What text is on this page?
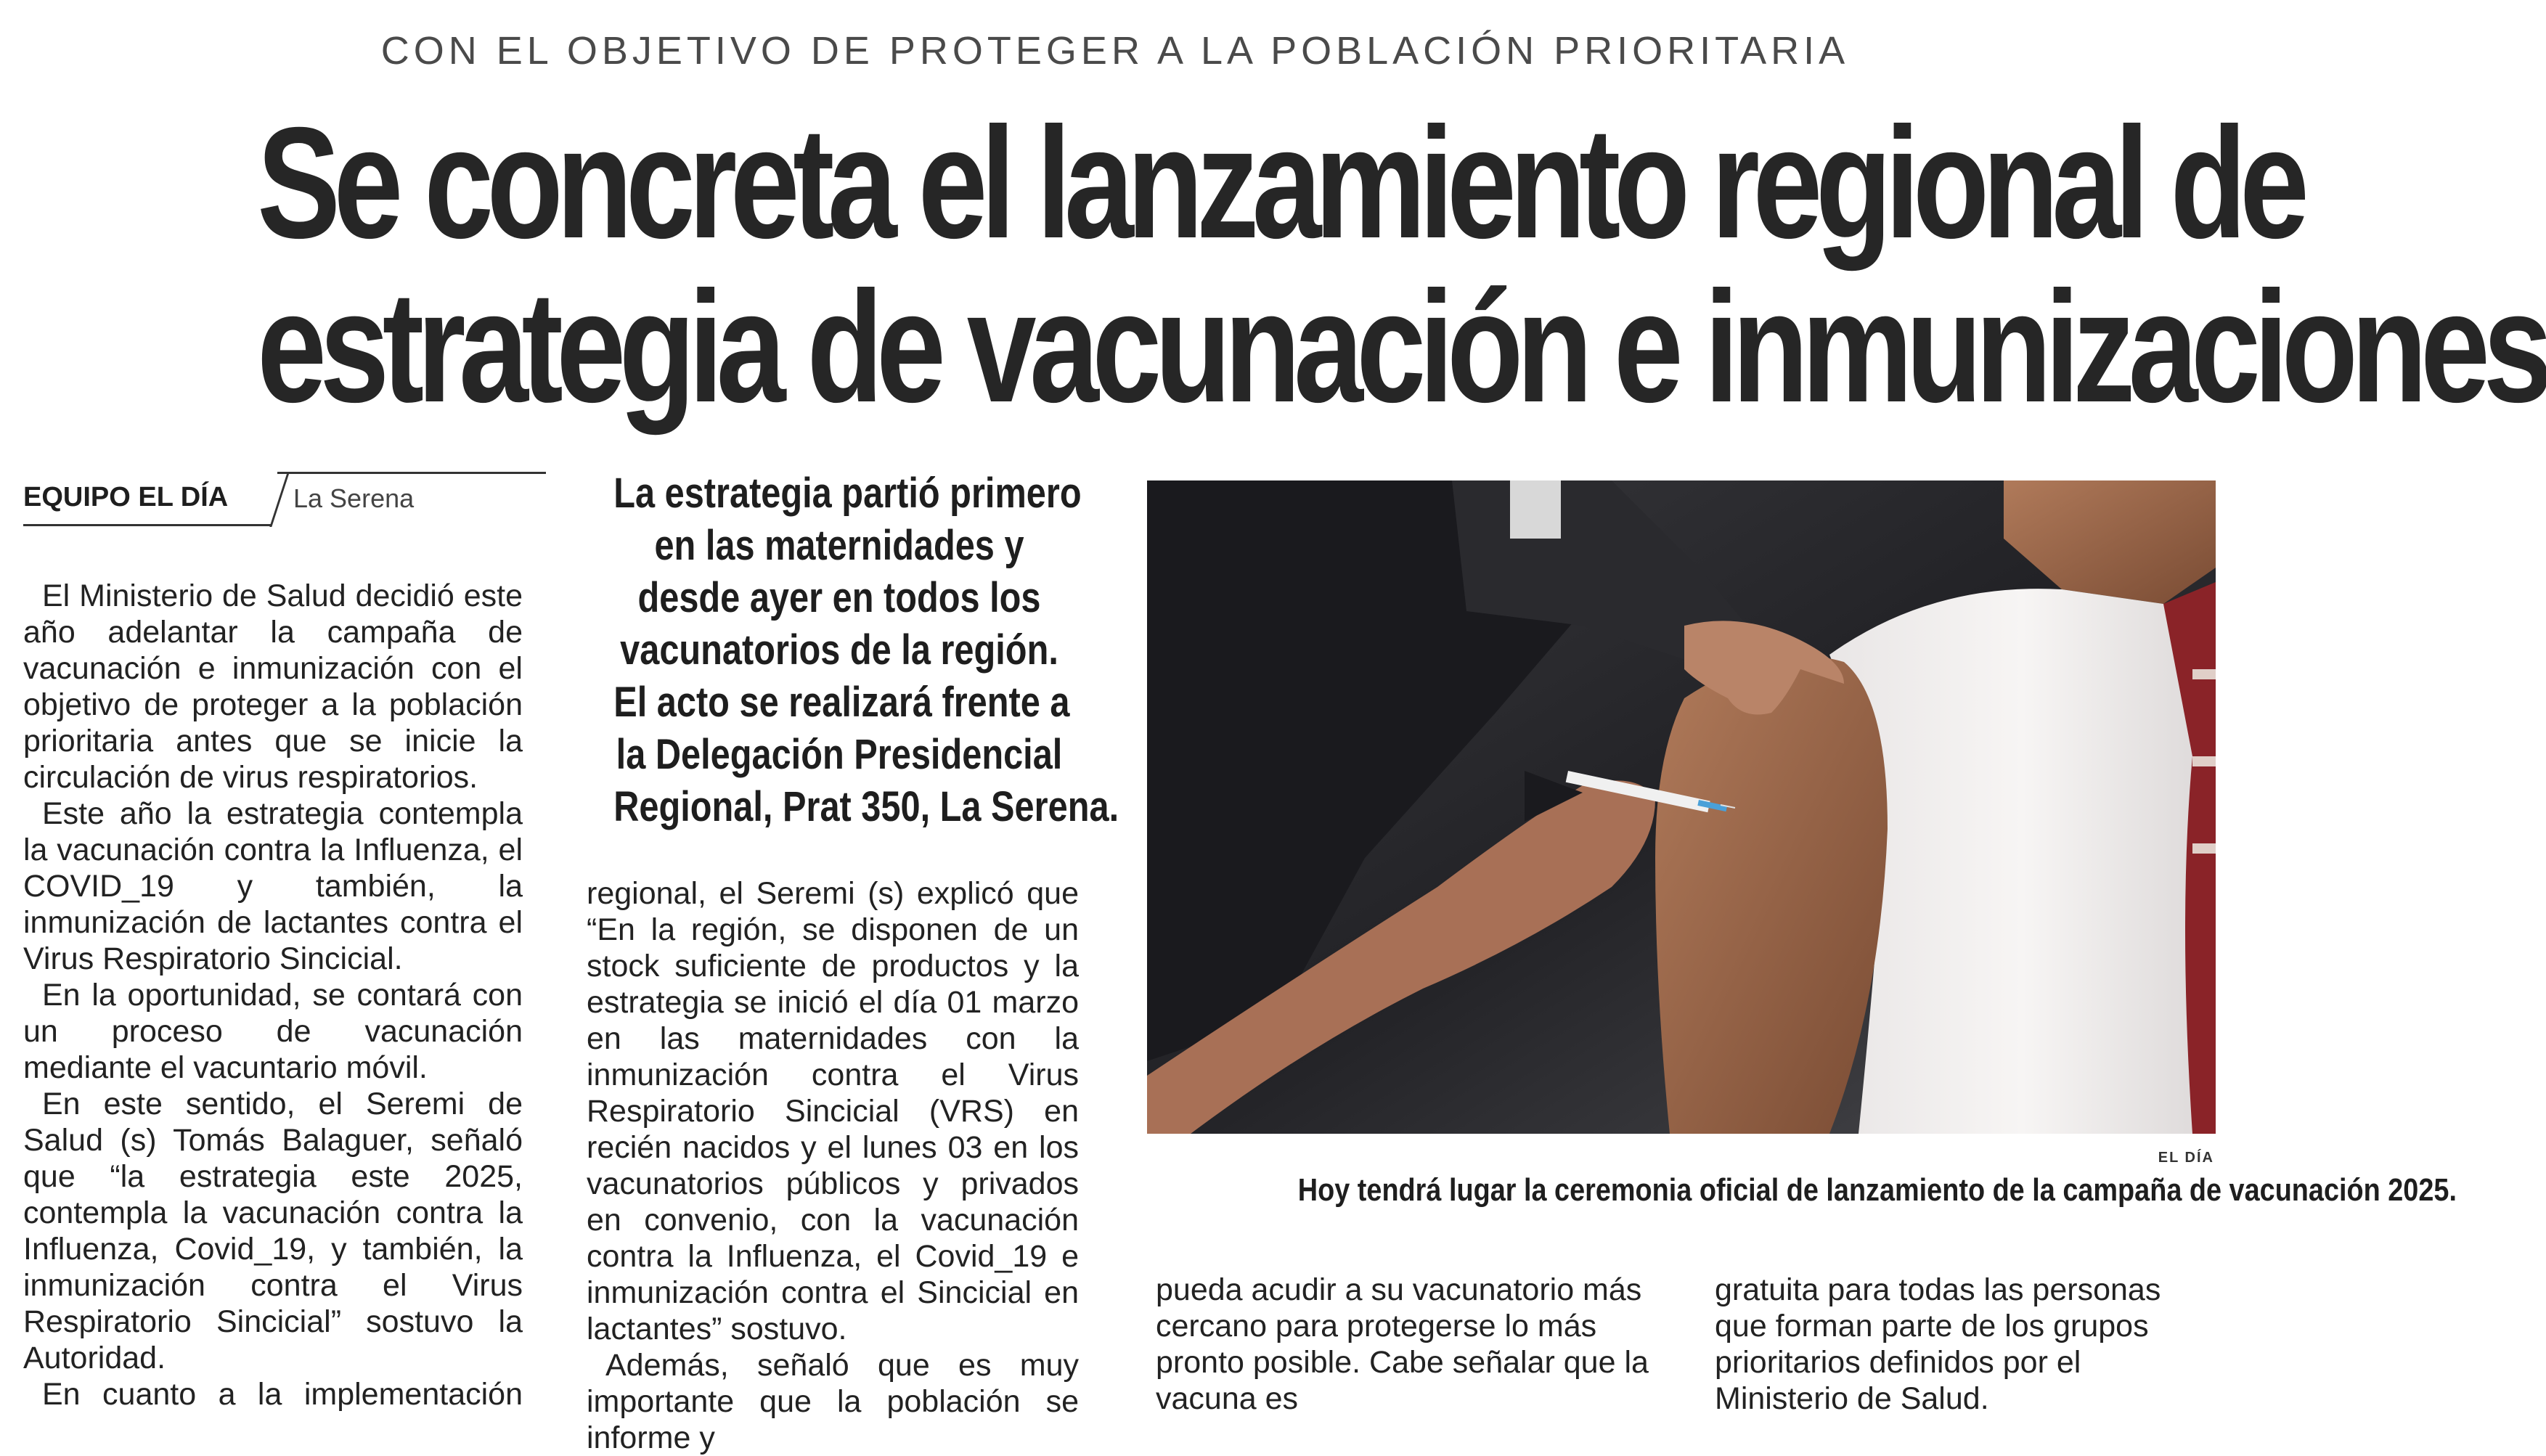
CON EL OBJETIVO DE PROTEGER A LA POBLACIÓN PRIORITARIA
Se concreta el lanzamiento regional de
estrategia de vacunación e inmunizaciones
EQUIPO EL DÍA La Serena

El Ministerio de Salud decidió este año adelantar la campaña de vacunación e inmunización con el objetivo de proteger a la población prioritaria antes que se inicie la circulación de virus respiratorios.

Este año la estrategia contempla la vacunación contra la Influenza, el COVID_19 y también, la inmunización de lactantes contra el Virus Respiratorio Sincicial.

En la oportunidad, se contará con un proceso de vacunación mediante el vacuntario móvil.

En este sentido, el Seremi de Salud (s) Tomás Balaguer, señaló que “la estrategia este 2025, contempla la vacunación contra la Influenza, Covid_19, y también, la inmunización contra el Virus Respiratorio Sincicial” sostuvo la Autoridad.

En cuanto a la implementación

La estrategia partió primero
en las maternidades y
desde ayer en todos los
vacunatorios de la región.
El acto se realizará frente a
la Delegación Presidencial
Regional, Prat 350, La Serena.

regional, el Seremi (s) explicó que “En la región, se disponen de un stock suficiente de productos y la estrategia se inició el día 01 marzo en las maternidades con la inmunización contra el Virus Respiratorio Sincicial (VRS) en recién nacidos y el lunes 03 en los vacunatorios públicos y privados en convenio, con la vacunación contra la Influenza, el Covid_19 e inmunización contra el Sincicial en lactantes” sostuvo.

Además, señaló que es muy importante que la población se informe y

EL DÍA
Hoy tendrá lugar la ceremonia oficial de lanzamiento de la campaña de vacunación 2025.

pueda acudir a su vacunatorio más cercano para protegerse lo más pronto posible. Cabe señalar que la vacuna es

gratuita para todas las personas que forman parte de los grupos prioritarios definidos por el Ministerio de Salud.
